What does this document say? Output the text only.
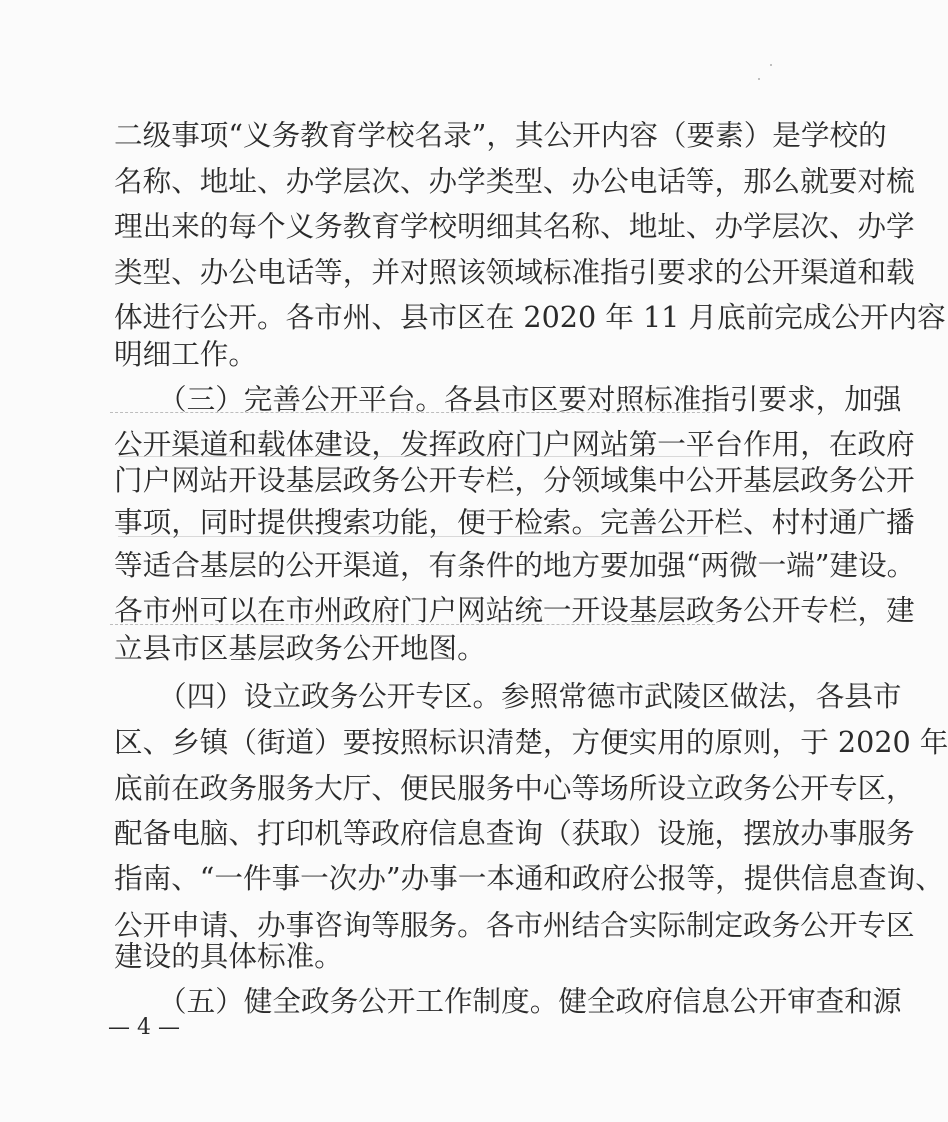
二级事项“义务教育学校名录”，其公开内容（要素）是学校的
名称、地址、办学层次、办学类型、办公电话等，那么就要对梳
理出来的每个义务教育学校明细其名称、地址、办学层次、办学
类型、办公电话等，并对照该领域标准指引要求的公开渠道和载
体进行公开。各市州、县市区在 2020 年 11 月底前完成公开内容
明细工作。
（三）完善公开平台。各县市区要对照标准指引要求，加强
公开渠道和载体建设，发挥政府门户网站第一平台作用，在政府
门户网站开设基层政务公开专栏，分领域集中公开基层政务公开
事项，同时提供搜索功能，便于检索。完善公开栏、村村通广播
等适合基层的公开渠道，有条件的地方要加强“两微一端”建设。
各市州可以在市州政府门户网站统一开设基层政务公开专栏，建
立县市区基层政务公开地图。
（四）设立政务公开专区。参照常德市武陵区做法，各县市
区、乡镇（街道）要按照标识清楚，方便实用的原则，于 2020 年
底前在政务服务大厅、便民服务中心等场所设立政务公开专区，
配备电脑、打印机等政府信息查询（获取）设施，摆放办事服务
指南、“一件事一次办”办事一本通和政府公报等，提供信息查询、
公开申请、办事咨询等服务。各市州结合实际制定政务公开专区
建设的具体标准。
（五）健全政务公开工作制度。健全政府信息公开审查和源
— 4 —
